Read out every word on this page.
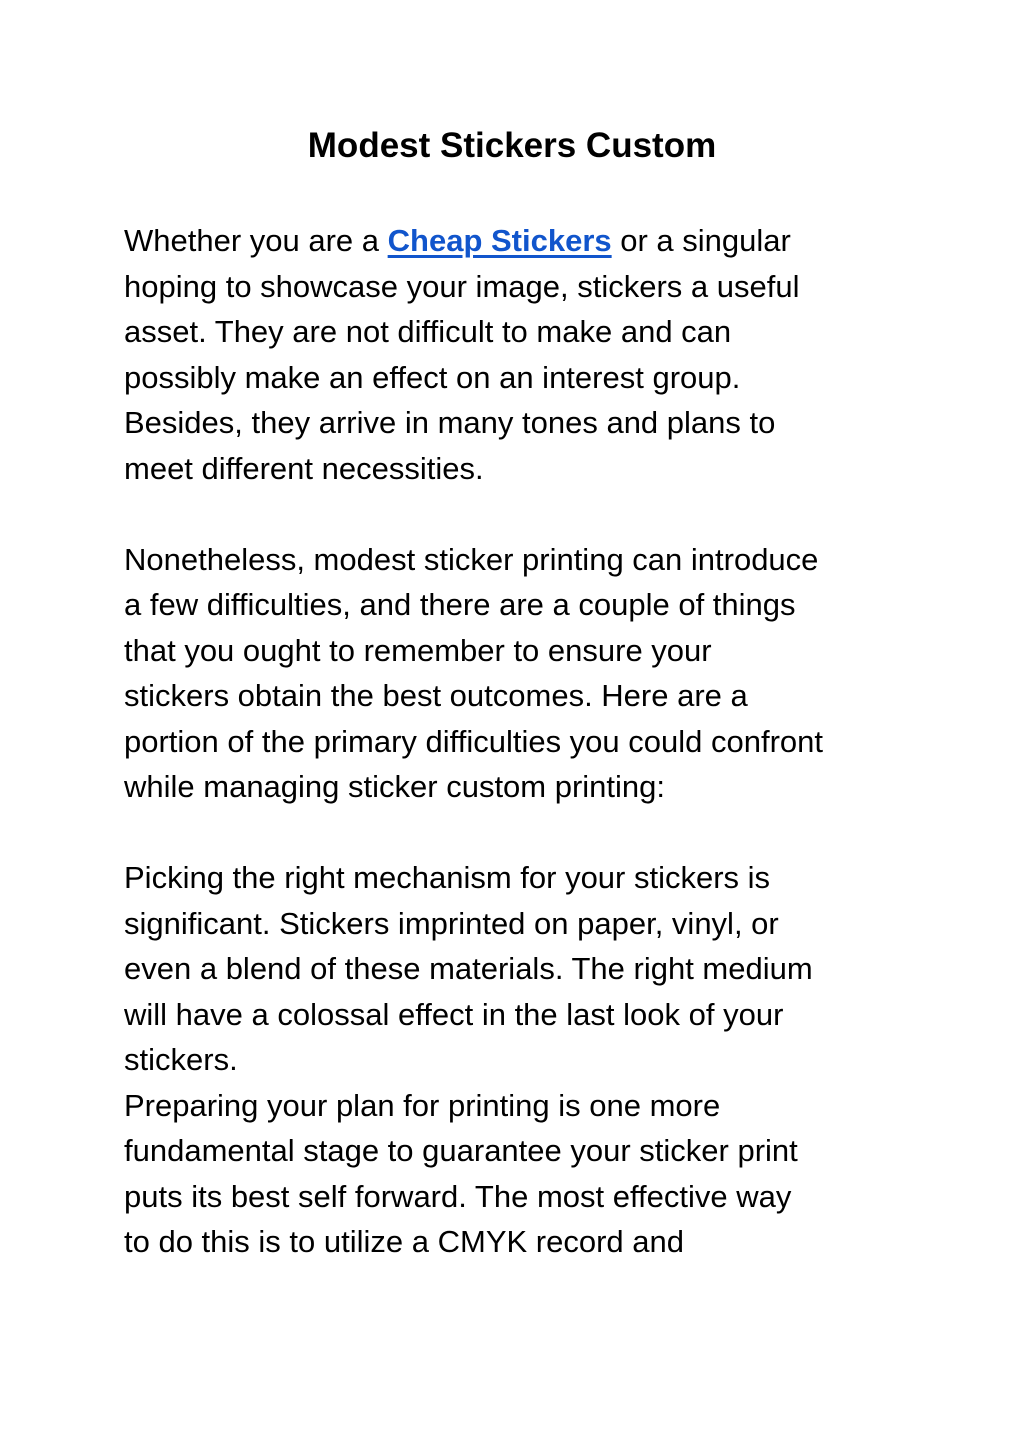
Modest Stickers Custom

Whether you are a Cheap Stickers or a singular

hoping to showcase your image, stickers a useful

asset. They are not difficult to make and can

possibly make an effect on an interest group.

Besides, they arrive in many tones and plans to

meet different necessities.

Nonetheless, modest sticker printing can introduce

a few difficulties, and there are a couple of things

that you ought to remember to ensure your

stickers obtain the best outcomes. Here are a

portion of the primary difficulties you could confront

while managing sticker custom printing:

Picking the right mechanism for your stickers is

significant. Stickers imprinted on paper, vinyl, or

even a blend of these materials. The right medium

will have a colossal effect in the last look of your

stickers.

Preparing your plan for printing is one more

fundamental stage to guarantee your sticker print

puts its best self forward. The most effective way

to do this is to utilize a CMYK record and
